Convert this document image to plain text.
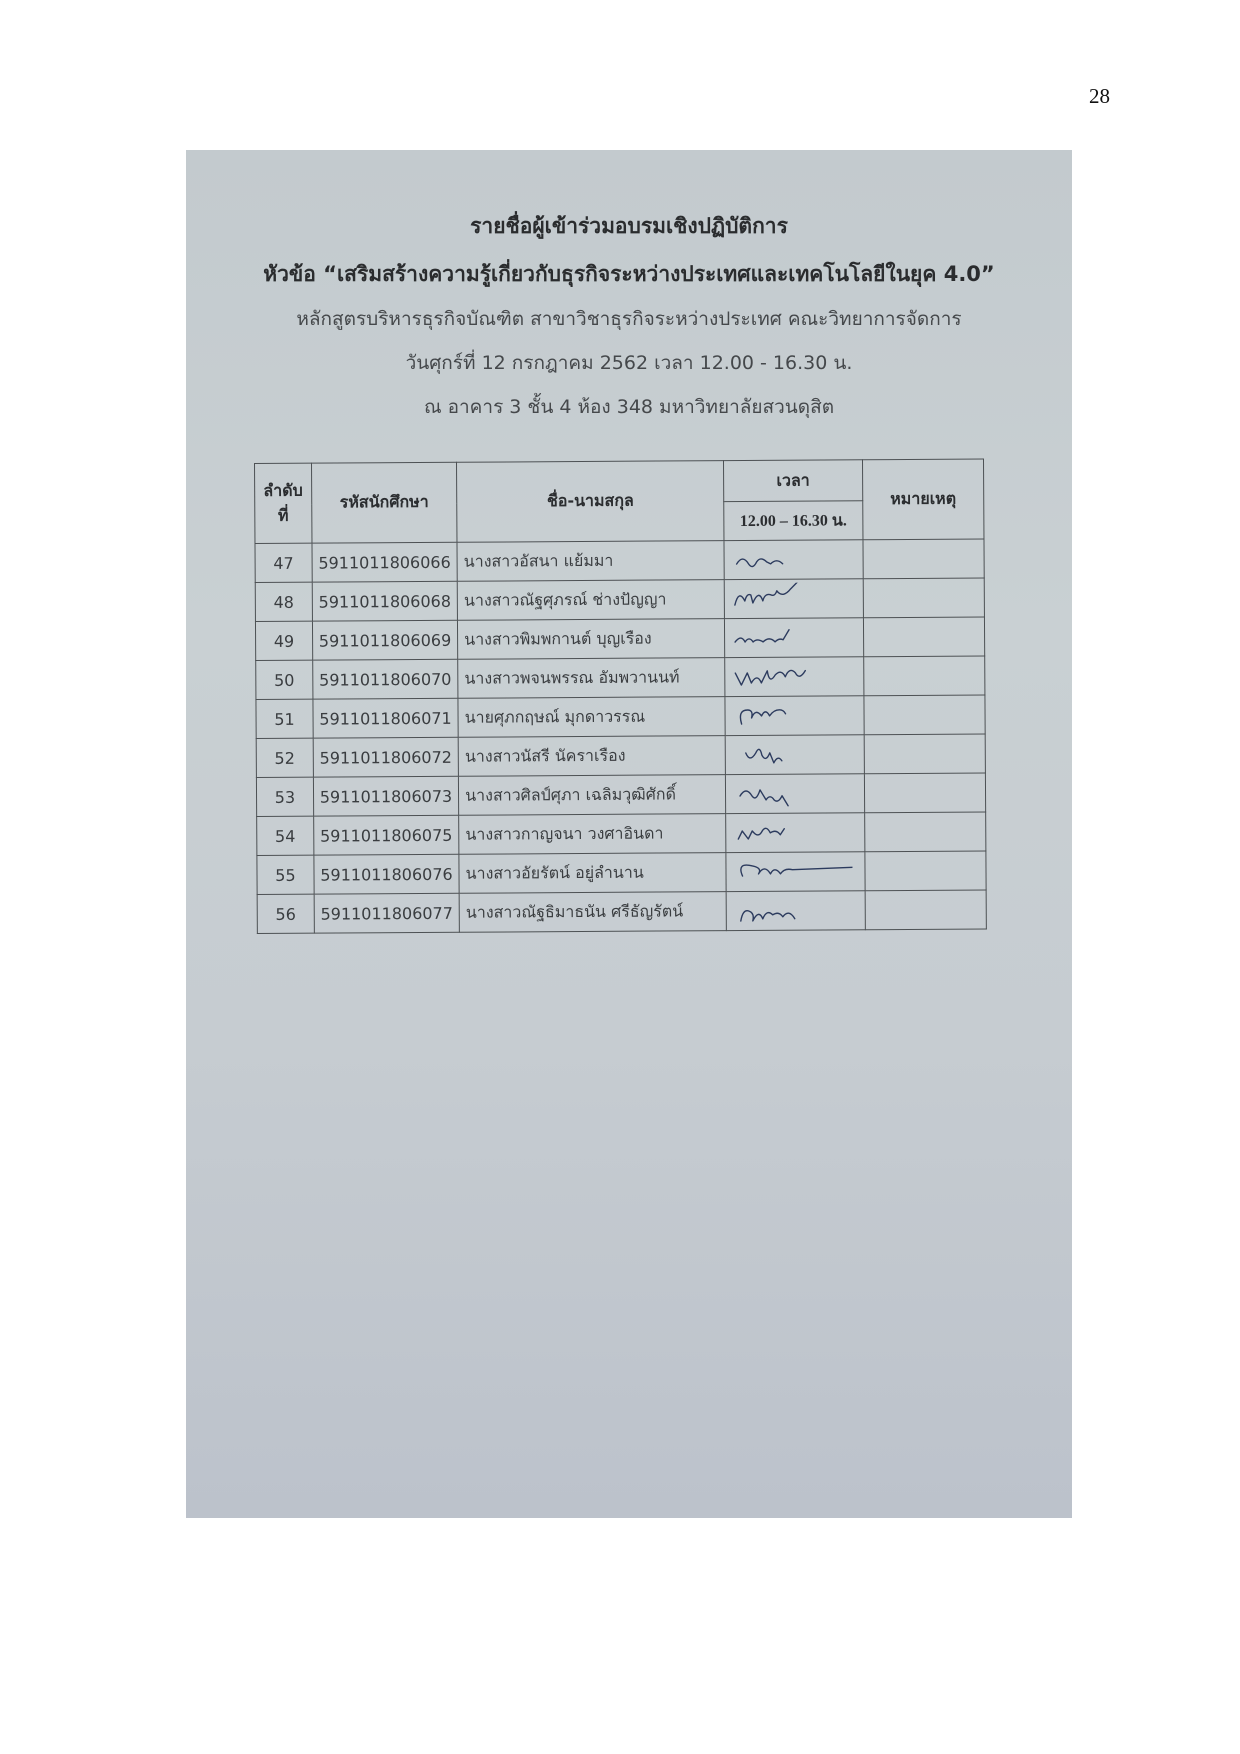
28
รายชื่อผู้เข้าร่วมอบรมเชิงปฏิบัติการ
หัวข้อ “เสริมสร้างความรู้เกี่ยวกับธุรกิจระหว่างประเทศและเทคโนโลยีในยุค 4.0”
หลักสูตรบริหารธุรกิจบัณฑิต สาขาวิชาธุรกิจระหว่างประเทศ คณะวิทยาการจัดการ
วันศุกร์ที่ 12 กรกฎาคม 2562 เวลา 12.00 - 16.30 น.
ณ อาคาร 3 ชั้น 4 ห้อง 348 มหาวิทยาลัยสวนดุสิต
ลำดับ
ที่	รหัสนักศึกษา	ชื่อ-นามสกุล	เวลา	หมายเหตุ
			12.00 – 16.30 น.	
47	5911011806066	นางสาวอัสนา แย้มมา	

48	5911011806068	นางสาวณัฐศุภรณ์ ช่างปัญญา	

49	5911011806069	นางสาวพิมพกานต์ บุญเรือง	

50	5911011806070	นางสาวพจนพรรณ อัมพวานนท์	

51	5911011806071	นายศุภกฤษณ์ มุกดาวรรณ	

52	5911011806072	นางสาวนัสรี นัคราเรือง	

53	5911011806073	นางสาวศิลป์ศุภา เฉลิมวุฒิศักดิ์	

54	5911011806075	นางสาวกาญจนา วงศาอินดา	

55	5911011806076	นางสาวอัยรัตน์ อยู่ลำนาน	

56	5911011806077	นางสาวณัฐธิมาธนัน ศรีธัญรัตน์	
